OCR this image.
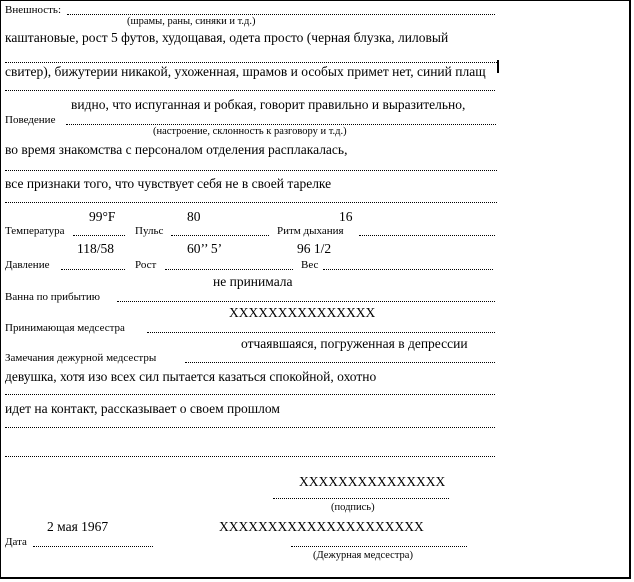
Внешность:
(шрамы, раны, синяки и т.д.)
каштановые, рост 5 футов, худощавая, одета просто (черная блузка, лиловый
свитер), бижутерии никакой, ухоженная, шрамов и особых примет нет, синий плащ
видно, что испуганная и робкая, говорит правильно и выразительно,
Поведение
(настроение, склонность к разговору и т.д.)
во время знакомства с персоналом отделения расплакалась,
все признаки того, что чувствует себя не в своей тарелке
99°F	80	16
Температура	Пульс	Ритм дыхания
118/58	60’’ 5’	96 1/2
Давление	Рост	Вес
не принимала
Ванна по прибытию
XXXXXXXXXXXXXXX
Принимающая медсестра
отчаявшаяся, погруженная в депрессии
Замечания дежурной медсестры
девушка, хотя изо всех сил пытается казаться спокойной, охотно
идет на контакт, рассказывает о своем прошлом
XXXXXXXXXXXXXXX
(подпись)
2 мая 1967	XXXXXXXXXXXXXXXXXXXXX
Дата
(Дежурная медсестра)
